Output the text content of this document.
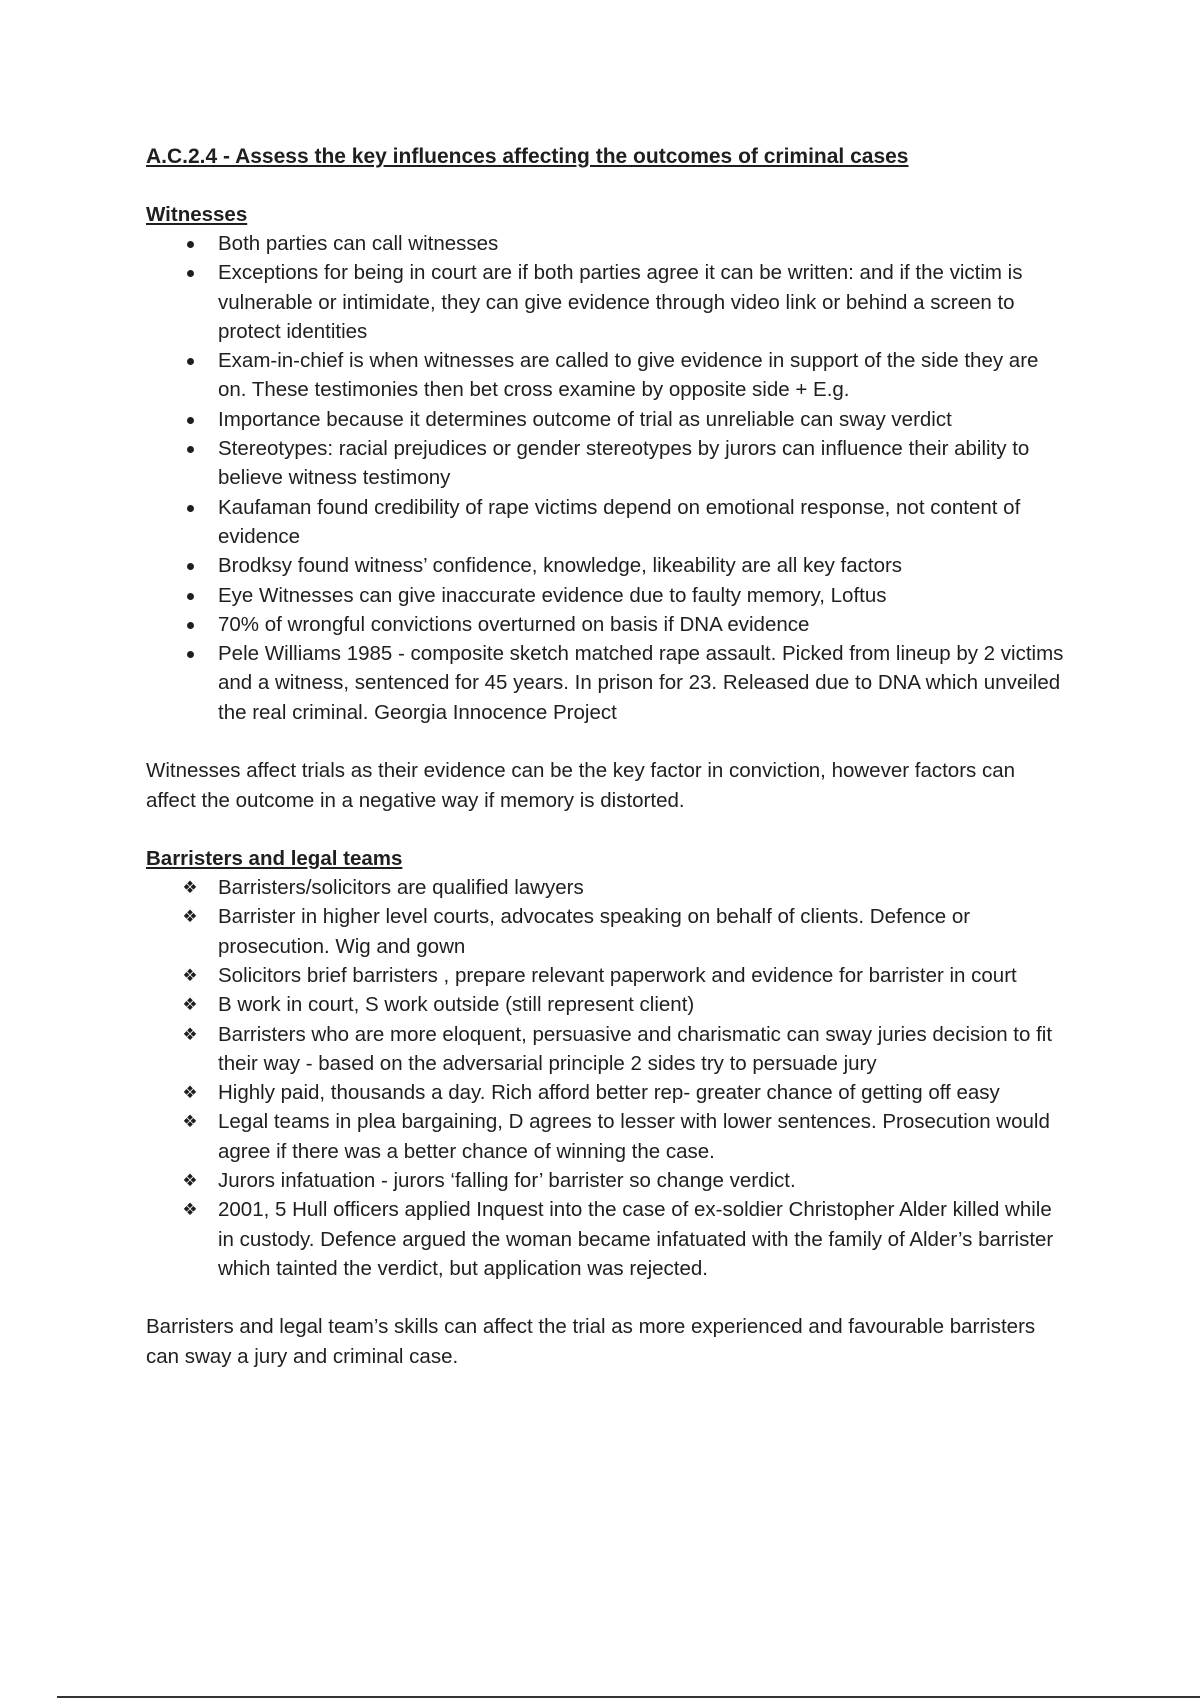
A.C.2.4 - Assess the key influences affecting the outcomes of criminal cases
Witnesses
Both parties can call witnesses
Exceptions for being in court are if both parties agree it can be written: and if the victim is vulnerable or intimidate, they can give evidence through video link or behind a screen to protect identities
Exam-in-chief is when witnesses are called to give evidence in support of the side they are on. These testimonies then bet cross examine by opposite side + E.g.
Importance because it determines outcome of trial as unreliable can sway verdict
Stereotypes: racial prejudices or gender stereotypes by jurors can influence their ability to believe witness testimony
Kaufaman found credibility of rape victims depend on emotional response, not content of evidence
Brodksy found witness’ confidence, knowledge, likeability are all key factors
Eye Witnesses can give inaccurate evidence due to faulty memory, Loftus
70% of wrongful convictions overturned on basis if DNA evidence
Pele Williams 1985 - composite sketch matched rape assault. Picked from lineup by 2 victims and a witness, sentenced for 45 years. In prison for 23. Released due to DNA which unveiled the real criminal. Georgia Innocence Project

Witnesses affect trials as their evidence can be the key factor in conviction, however factors can affect the outcome in a negative way if memory is distorted.

Barristers and legal teams
❖ Barristers/solicitors are qualified lawyers
❖ Barrister in higher level courts, advocates speaking on behalf of clients. Defence or prosecution. Wig and gown
❖ Solicitors brief barristers , prepare relevant paperwork and evidence for barrister in court
❖ B work in court, S work outside (still represent client)
❖ Barristers who are more eloquent, persuasive and charismatic can sway juries decision to fit their way - based on the adversarial principle 2 sides try to persuade jury
❖ Highly paid, thousands a day. Rich afford better rep- greater chance of getting off easy
❖ Legal teams in plea bargaining, D agrees to lesser with lower sentences. Prosecution would agree if there was a better chance of winning the case.
❖ Jurors infatuation - jurors ‘falling for’ barrister so change verdict.
❖ 2001, 5 Hull officers applied Inquest into the case of ex-soldier Christopher Alder killed while in custody. Defence argued the woman became infatuated with the family of Alder’s barrister which tainted the verdict, but application was rejected.

Barristers and legal team’s skills can affect the trial as more experienced and favourable barristers can sway a jury and criminal case.
